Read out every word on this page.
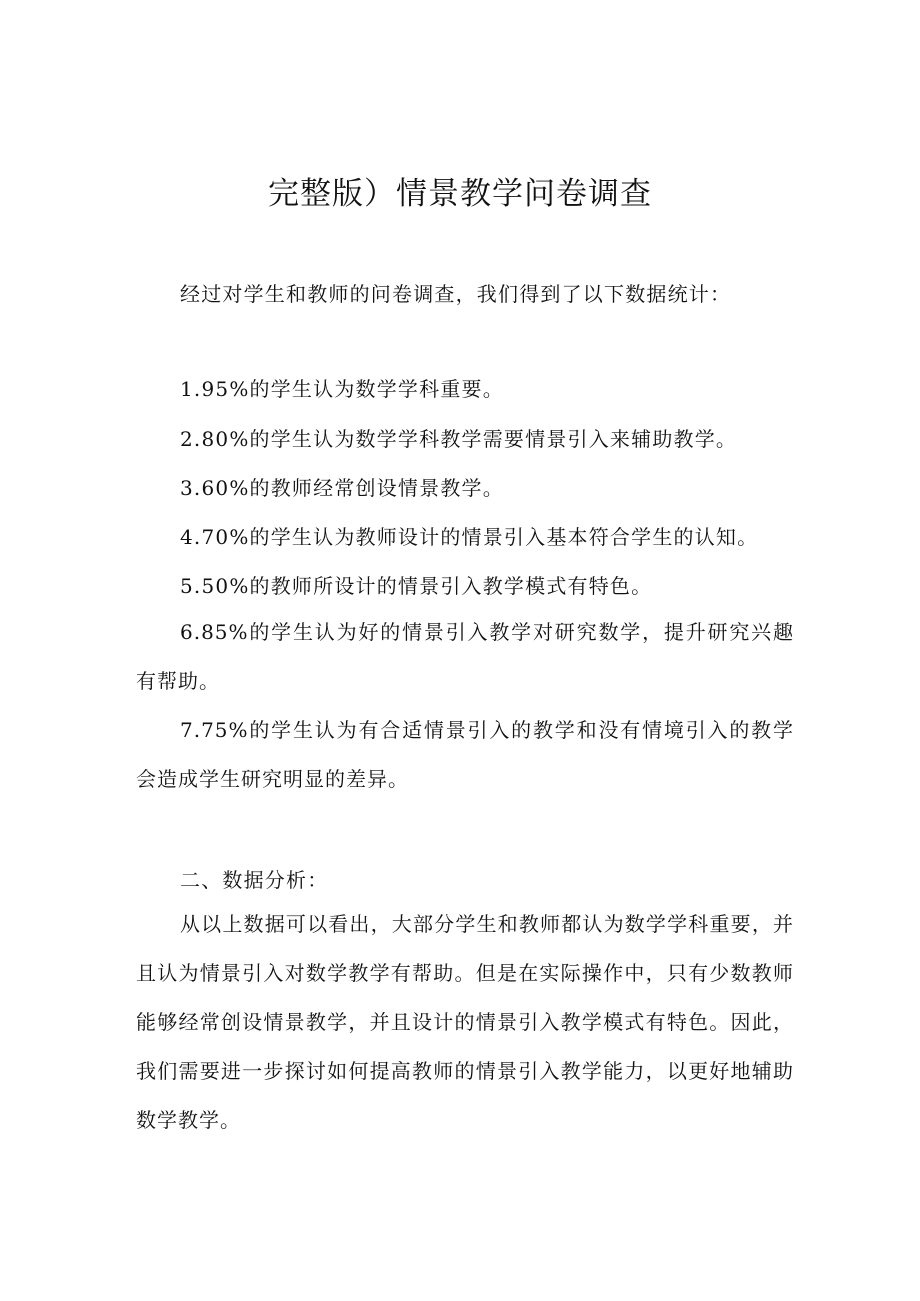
完整版）情景教学问卷调查
经过对学生和教师的问卷调查，我们得到了以下数据统计：
1.95%的学生认为数学学科重要。
2.80%的学生认为数学学科教学需要情景引入来辅助教学。
3.60%的教师经常创设情景教学。
4.70%的学生认为教师设计的情景引入基本符合学生的认知。
5.50%的教师所设计的情景引入教学模式有特色。
6.85%的学生认为好的情景引入教学对研究数学，提升研究兴趣有帮助。
7.75%的学生认为有合适情景引入的教学和没有情境引入的教学会造成学生研究明显的差异。
二、数据分析：
从以上数据可以看出，大部分学生和教师都认为数学学科重要，并且认为情景引入对数学教学有帮助。但是在实际操作中，只有少数教师能够经常创设情景教学，并且设计的情景引入教学模式有特色。因此，我们需要进一步探讨如何提高教师的情景引入教学能力，以更好地辅助数学教学。
